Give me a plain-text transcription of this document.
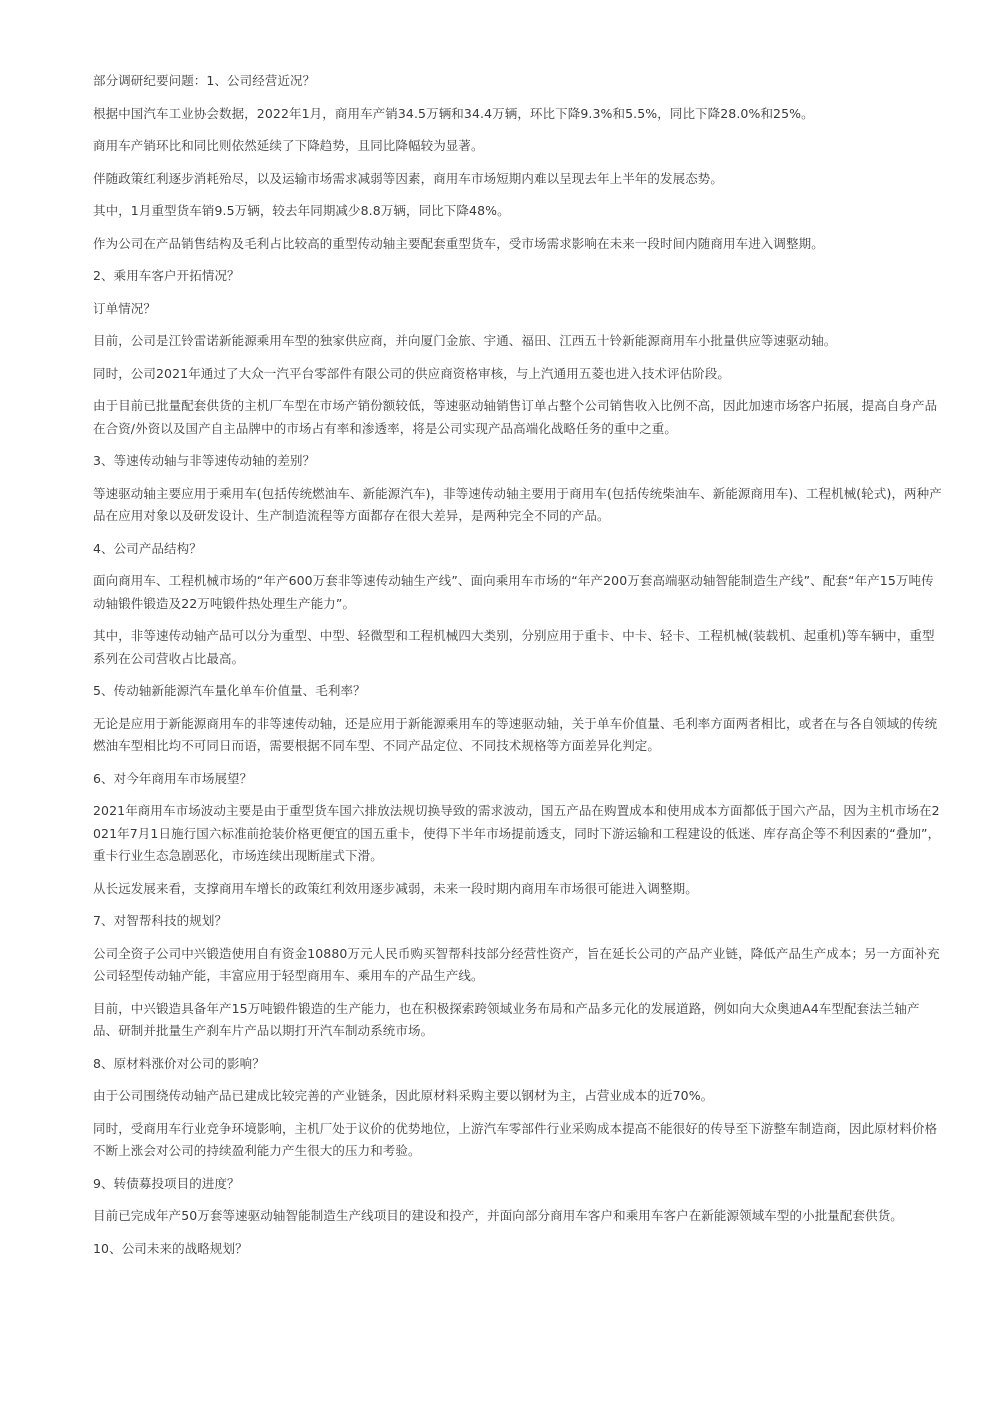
部分调研纪要问题：1、公司经营近况？

根据中国汽车工业协会数据，2022年1月，商用车产销34.5万辆和34.4万辆，环比下降9.3%和5.5%，同比下降28.0%和25%。

商用车产销环比和同比则依然延续了下降趋势，且同比降幅较为显著。

伴随政策红利逐步消耗殆尽，以及运输市场需求减弱等因素，商用车市场短期内难以呈现去年上半年的发展态势。

其中，1月重型货车销9.5万辆，较去年同期减少8.8万辆，同比下降48%。

作为公司在产品销售结构及毛利占比较高的重型传动轴主要配套重型货车，受市场需求影响在未来一段时间内随商用车进入调整期。

2、乘用车客户开拓情况？

订单情况？

目前，公司是江铃雷诺新能源乘用车型的独家供应商，并向厦门金旅、宇通、福田、江西五十铃新能源商用车小批量供应等速驱动轴。

同时，公司2021年通过了大众一汽平台零部件有限公司的供应商资格审核，与上汽通用五菱也进入技术评估阶段。

由于目前已批量配套供货的主机厂车型在市场产销份额较低，等速驱动轴销售订单占整个公司销售收入比例不高，因此加速市场客户拓展，提高自身产品在合资/外资以及国产自主品牌中的市场占有率和渗透率，将是公司实现产品高端化战略任务的重中之重。

3、等速传动轴与非等速传动轴的差别？

等速驱动轴主要应用于乘用车(包括传统燃油车、新能源汽车)，非等速传动轴主要用于商用车(包括传统柴油车、新能源商用车)、工程机械(轮式)，两种产品在应用对象以及研发设计、生产制造流程等方面都存在很大差异，是两种完全不同的产品。

4、公司产品结构？

面向商用车、工程机械市场的“年产600万套非等速传动轴生产线”、面向乘用车市场的“年产200万套高端驱动轴智能制造生产线”、配套“年产15万吨传动轴锻件锻造及22万吨锻件热处理生产能力”。

其中，非等速传动轴产品可以分为重型、中型、轻微型和工程机械四大类别，分别应用于重卡、中卡、轻卡、工程机械(装载机、起重机)等车辆中，重型系列在公司营收占比最高。

5、传动轴新能源汽车量化单车价值量、毛利率？

无论是应用于新能源商用车的非等速传动轴，还是应用于新能源乘用车的等速驱动轴，关于单车价值量、毛利率方面两者相比，或者在与各自领域的传统燃油车型相比均不可同日而语，需要根据不同车型、不同产品定位、不同技术规格等方面差异化判定。

6、对今年商用车市场展望？

2021年商用车市场波动主要是由于重型货车国六排放法规切换导致的需求波动，国五产品在购置成本和使用成本方面都低于国六产品，因为主机市场在2021年7月1日施行国六标准前抢装价格更便宜的国五重卡，使得下半年市场提前透支，同时下游运输和工程建设的低迷、库存高企等不利因素的“叠加”，重卡行业生态急剧恶化，市场连续出现断崖式下滑。

从长远发展来看，支撑商用车增长的政策红利效用逐步减弱，未来一段时期内商用车市场很可能进入调整期。

7、对智帮科技的规划？

公司全资子公司中兴锻造使用自有资金10880万元人民币购买智帮科技部分经营性资产，旨在延长公司的产品产业链，降低产品生产成本；另一方面补充公司轻型传动轴产能，丰富应用于轻型商用车、乘用车的产品生产线。

目前，中兴锻造具备年产15万吨锻件锻造的生产能力，也在积极探索跨领域业务布局和产品多元化的发展道路，例如向大众奥迪A4车型配套法兰轴产品、研制并批量生产刹车片产品以期打开汽车制动系统市场。

8、原材料涨价对公司的影响？

由于公司围绕传动轴产品已建成比较完善的产业链条，因此原材料采购主要以钢材为主，占营业成本的近70%。

同时，受商用车行业竞争环境影响，主机厂处于议价的优势地位，上游汽车零部件行业采购成本提高不能很好的传导至下游整车制造商，因此原材料价格不断上涨会对公司的持续盈利能力产生很大的压力和考验。

9、转债募投项目的进度？

目前已完成年产50万套等速驱动轴智能制造生产线项目的建设和投产，并面向部分商用车客户和乘用车客户在新能源领域车型的小批量配套供货。

10、公司未来的战略规划？
